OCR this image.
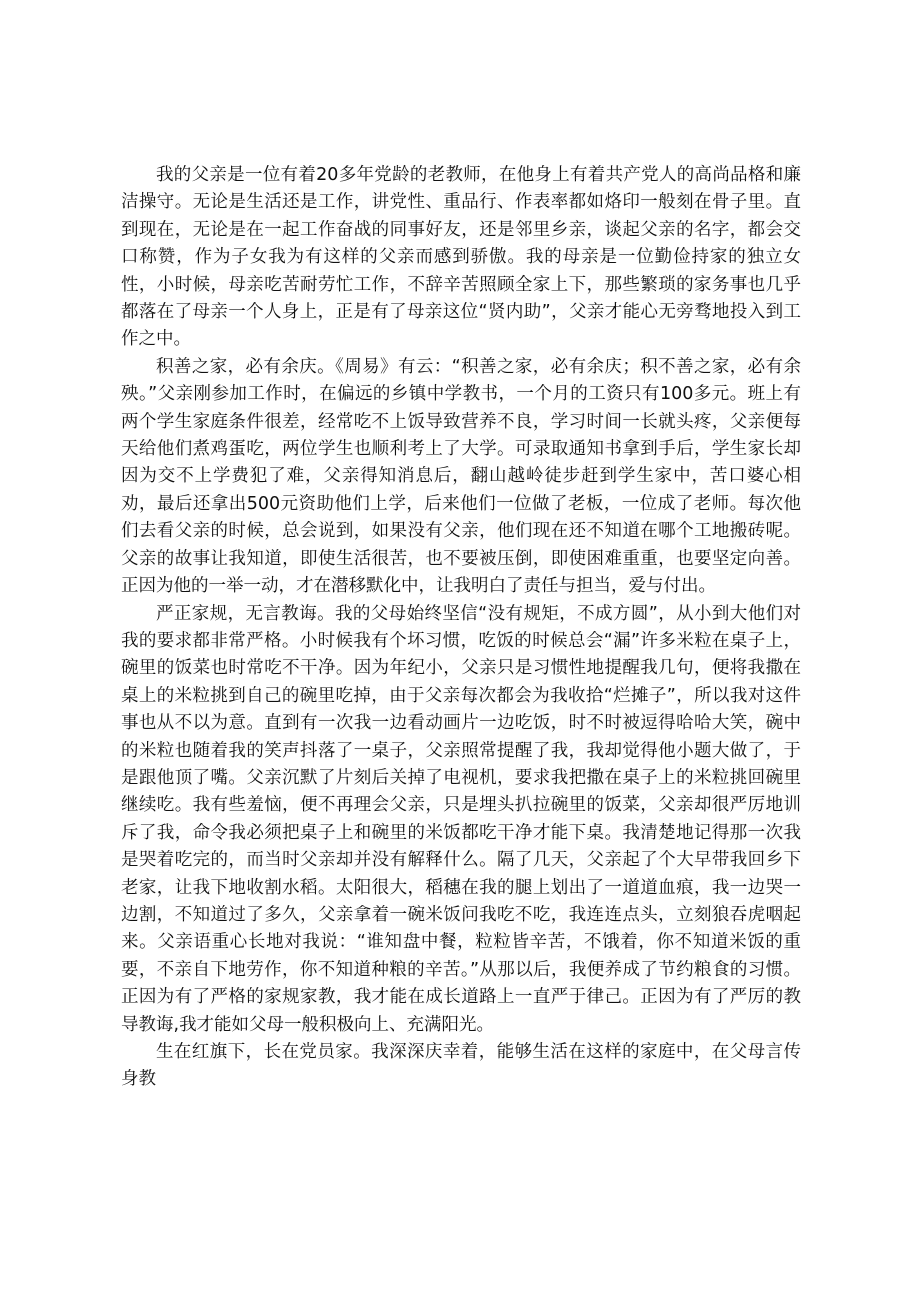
我的父亲是一位有着20多年党龄的老教师，在他身上有着共产党人的高尚品格和廉洁操守。无论是生活还是工作，讲党性、重品行、作表率都如烙印一般刻在骨子里。直到现在，无论是在一起工作奋战的同事好友，还是邻里乡亲，谈起父亲的名字，都会交口称赞，作为子女我为有这样的父亲而感到骄傲。我的母亲是一位勤俭持家的独立女性，小时候，母亲吃苦耐劳忙工作，不辞辛苦照顾全家上下，那些繁琐的家务事也几乎都落在了母亲一个人身上，正是有了母亲这位“贤内助”，父亲才能心无旁骛地投入到工作之中。

积善之家，必有余庆。《周易》有云：“积善之家，必有余庆；积不善之家，必有余殃。”父亲刚参加工作时，在偏远的乡镇中学教书，一个月的工资只有100多元。班上有两个学生家庭条件很差，经常吃不上饭导致营养不良，学习时间一长就头疼，父亲便每天给他们煮鸡蛋吃，两位学生也顺利考上了大学。可录取通知书拿到手后，学生家长却因为交不上学费犯了难，父亲得知消息后，翻山越岭徒步赶到学生家中，苦口婆心相劝，最后还拿出500元资助他们上学，后来他们一位做了老板，一位成了老师。每次他们去看父亲的时候，总会说到，如果没有父亲，他们现在还不知道在哪个工地搬砖呢。父亲的故事让我知道，即使生活很苦，也不要被压倒，即使困难重重，也要坚定向善。正因为他的一举一动，才在潜移默化中，让我明白了责任与担当，爱与付出。

严正家规，无言教诲。我的父母始终坚信“没有规矩，不成方圆”，从小到大他们对我的要求都非常严格。小时候我有个坏习惯，吃饭的时候总会“漏”许多米粒在桌子上，碗里的饭菜也时常吃不干净。因为年纪小，父亲只是习惯性地提醒我几句，便将我撒在桌上的米粒挑到自己的碗里吃掉，由于父亲每次都会为我收拾“烂摊子”，所以我对这件事也从不以为意。直到有一次我一边看动画片一边吃饭，时不时被逗得哈哈大笑，碗中的米粒也随着我的笑声抖落了一桌子，父亲照常提醒了我，我却觉得他小题大做了，于是跟他顶了嘴。父亲沉默了片刻后关掉了电视机，要求我把撒在桌子上的米粒挑回碗里继续吃。我有些羞恼，便不再理会父亲，只是埋头扒拉碗里的饭菜，父亲却很严厉地训斥了我，命令我必须把桌子上和碗里的米饭都吃干净才能下桌。我清楚地记得那一次我是哭着吃完的，而当时父亲却并没有解释什么。隔了几天，父亲起了个大早带我回乡下老家，让我下地收割水稻。太阳很大，稻穗在我的腿上划出了一道道血痕，我一边哭一边割，不知道过了多久，父亲拿着一碗米饭问我吃不吃，我连连点头，立刻狼吞虎咽起来。父亲语重心长地对我说：“谁知盘中餐，粒粒皆辛苦，不饿着，你不知道米饭的重要，不亲自下地劳作，你不知道种粮的辛苦。”从那以后，我便养成了节约粮食的习惯。正因为有了严格的家规家教，我才能在成长道路上一直严于律己。正因为有了严厉的教导教诲,我才能如父母一般积极向上、充满阳光。

生在红旗下，长在党员家。我深深庆幸着，能够生活在这样的家庭中，在父母言传身教
